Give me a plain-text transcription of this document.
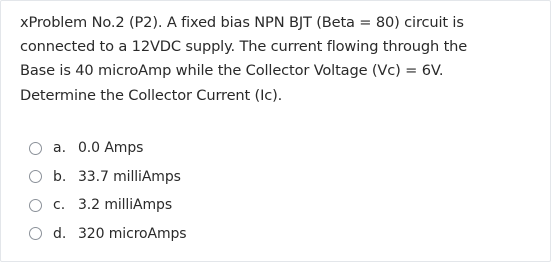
xProblem No.2 (P2). A fixed bias NPN BJT (Beta = 80) circuit is
connected to a 12VDC supply. The current flowing through the
Base is 40 microAmp while the Collector Voltage (Vc) = 6V.
Determine the Collector Current (Ic).

a. 0.0 Amps
b. 33.7 milliAmps
c. 3.2 milliAmps
d. 320 microAmps
